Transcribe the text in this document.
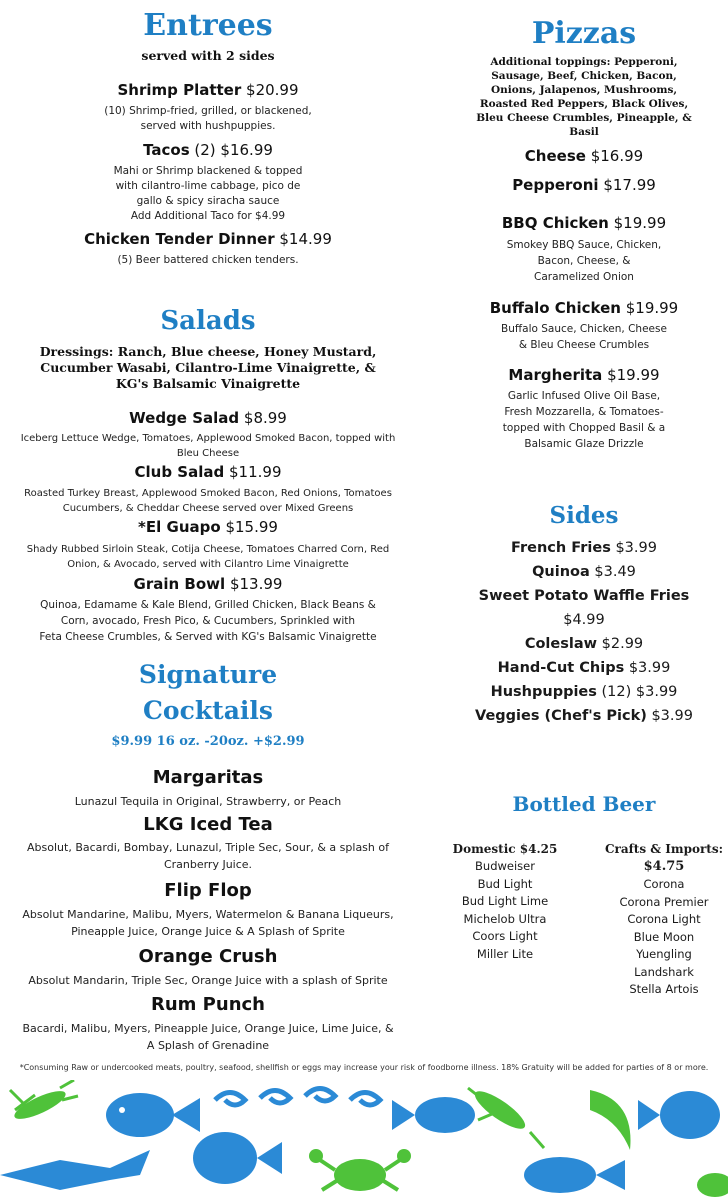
Entrees
served with 2 sides
Shrimp Platter $20.99
(10) Shrimp-fried, grilled, or blackened,
served with hushpuppies.
Tacos (2) $16.99
Mahi or Shrimp blackened & topped
with cilantro-lime cabbage, pico de
gallo & spicy siracha sauce
Add Additional Taco for $4.99
Chicken Tender Dinner $14.99
(5) Beer battered chicken tenders.
Salads
Dressings: Ranch, Blue cheese, Honey Mustard,
Cucumber Wasabi, Cilantro-Lime Vinaigrette, &
KG's Balsamic Vinaigrette
Wedge Salad $8.99
Iceberg Lettuce Wedge, Tomatoes, Applewood Smoked Bacon, topped with
Bleu Cheese
Club Salad $11.99
Roasted Turkey Breast, Applewood Smoked Bacon, Red Onions, Tomatoes
Cucumbers, & Cheddar Cheese served over Mixed Greens
*El Guapo $15.99
Shady Rubbed Sirloin Steak, Cotija Cheese, Tomatoes Charred Corn, Red
Onion, & Avocado, served with Cilantro Lime Vinaigrette
Grain Bowl $13.99
Quinoa, Edamame & Kale Blend, Grilled Chicken, Black Beans &
Corn, avocado, Fresh Pico, & Cucumbers, Sprinkled with
Feta Cheese Crumbles, & Served with KG's Balsamic Vinaigrette
Signature
Cocktails
$9.99 16 oz. -20oz. +$2.99
Margaritas
Lunazul Tequila in Original, Strawberry, or Peach
LKG Iced Tea
Absolut, Bacardi, Bombay, Lunazul, Triple Sec, Sour, & a splash of
Cranberry Juice.
Flip Flop
Absolut Mandarine, Malibu, Myers, Watermelon & Banana Liqueurs,
Pineapple Juice, Orange Juice & A Splash of Sprite
Orange Crush
Absolut Mandarin, Triple Sec, Orange Juice with a splash of Sprite
Rum Punch
Bacardi, Malibu, Myers, Pineapple Juice, Orange Juice, Lime Juice, &
A Splash of Grenadine
Pizzas
Additional toppings: Pepperoni,
Sausage, Beef, Chicken, Bacon,
Onions, Jalapenos, Mushrooms,
Roasted Red Peppers, Black Olives,
Bleu Cheese Crumbles, Pineapple, &
Basil
Cheese $16.99
Pepperoni $17.99
BBQ Chicken $19.99
Smokey BBQ Sauce, Chicken,
Bacon, Cheese, &
Caramelized Onion
Buffalo Chicken $19.99
Buffalo Sauce, Chicken, Cheese
& Bleu Cheese Crumbles
Margherita $19.99
Garlic Infused Olive Oil Base,
Fresh Mozzarella, & Tomatoes-
topped with Chopped Basil & a
Balsamic Glaze Drizzle
Sides
French Fries $3.99
Quinoa $3.49
Sweet Potato Waffle Fries
$4.99
Coleslaw $2.99
Hand-Cut Chips $3.99
Hushpuppies (12) $3.99
Veggies (Chef's Pick) $3.99
Bottled Beer
Domestic $4.25
Budweiser
Bud Light
Bud Light Lime
Michelob Ultra
Coors Light
Miller Lite
Crafts & Imports:
$4.75
Corona
Corona Premier
Corona Light
Blue Moon
Yuengling
Landshark
Stella Artois
*Consuming Raw or undercooked meats, poultry, seafood, shellfish or eggs may increase your risk of foodborne illness. 18% Gratuity will be added for parties of 8 or more.
